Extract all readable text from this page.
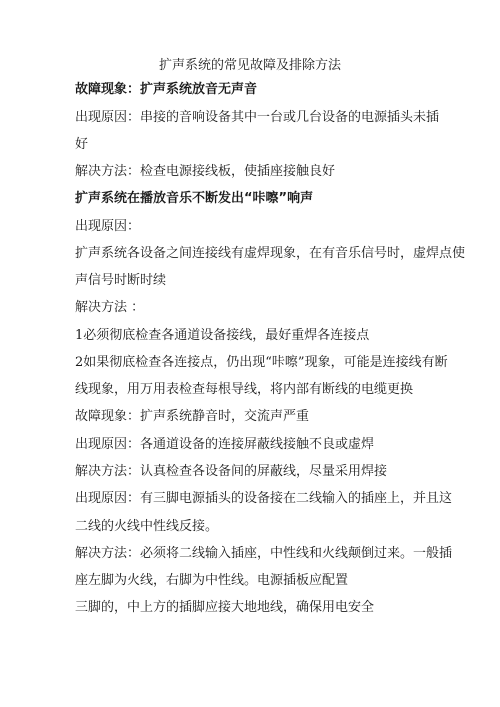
扩声系统的常见故障及排除方法
故障现象：扩声系统放音无声音
出现原因：串接的音响设备其中一台或几台设备的电源插头未插
好
解决方法：检查电源接线板，使插座接触良好
扩声系统在播放音乐不断发出“咔嚓”响声
出现原因：
扩声系统各设备之间连接线有虚焊现象，在有音乐信号时，虚焊点使
声信号时断时续
解决方法 ：
1必须彻底检查各通道设备接线，最好重焊各连接点
2如果彻底检查各连接点，仍出现“咔嚓”现象，可能是连接线有断
线现象，用万用表检查每根导线，将内部有断线的电缆更换
故障现象：扩声系统静音时，交流声严重
出现原因：各通道设备的连接屏蔽线接触不良或虚焊
解决方法：认真检查各设备间的屏蔽线，尽量采用焊接
出现原因：有三脚电源插头的设备接在二线输入的插座上，并且这
二线的火线中性线反接。
解决方法：必须将二线输入插座，中性线和火线颠倒过来。一般插
座左脚为火线，右脚为中性线。电源插板应配置
三脚的，中上方的插脚应接大地地线，确保用电安全
